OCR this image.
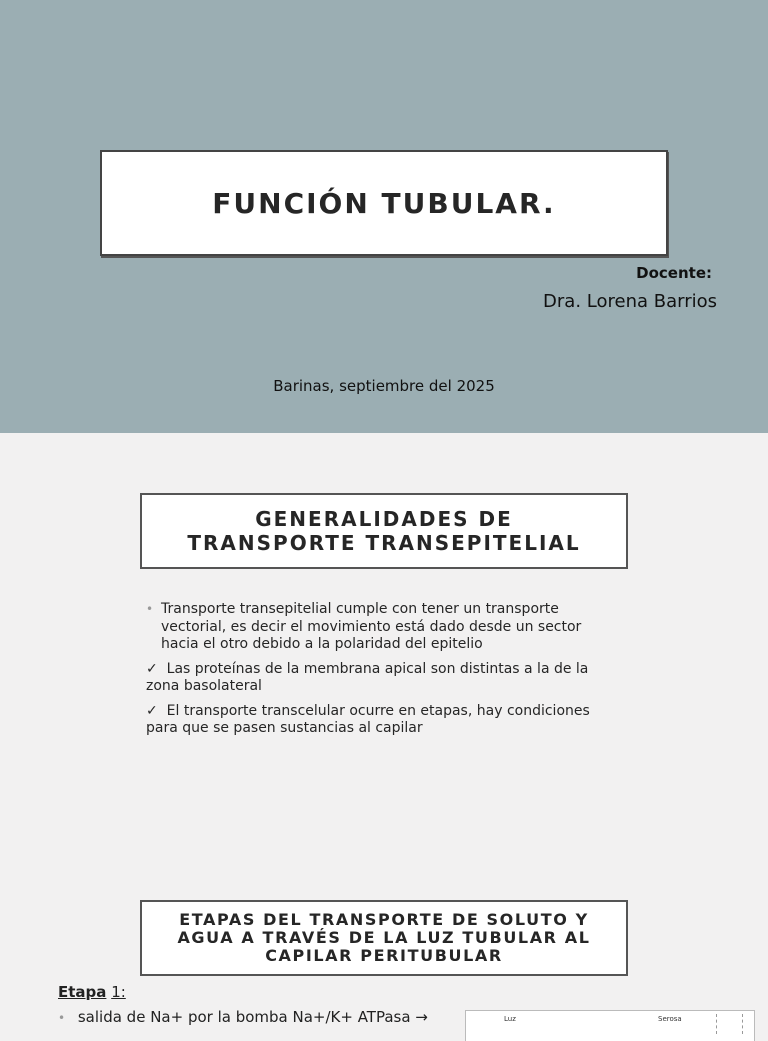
FUNCIÓN TUBULAR.
Docente:
Dra. Lorena Barrios
Barinas, septiembre del 2025
GENERALIDADES DE
TRANSPORTE TRANSEPITELIAL
• Transporte transepitelial cumple con tener un transporte vectorial, es decir el movimiento está dado desde un sector hacia el otro debido a la polaridad del epitelio
✓ Las proteínas de la membrana apical son distintas a la de la zona basolateral
✓ El transporte transcelular ocurre en etapas, hay condiciones para que se pasen sustancias al capilar
ETAPAS DEL TRANSPORTE DE SOLUTO Y
AGUA A TRAVÉS DE LA LUZ TUBULAR AL
CAPILAR PERITUBULAR
Etapa 1:
• salida de Na+ por la bomba Na+/K+ ATPasa →	Luz	Serosa
